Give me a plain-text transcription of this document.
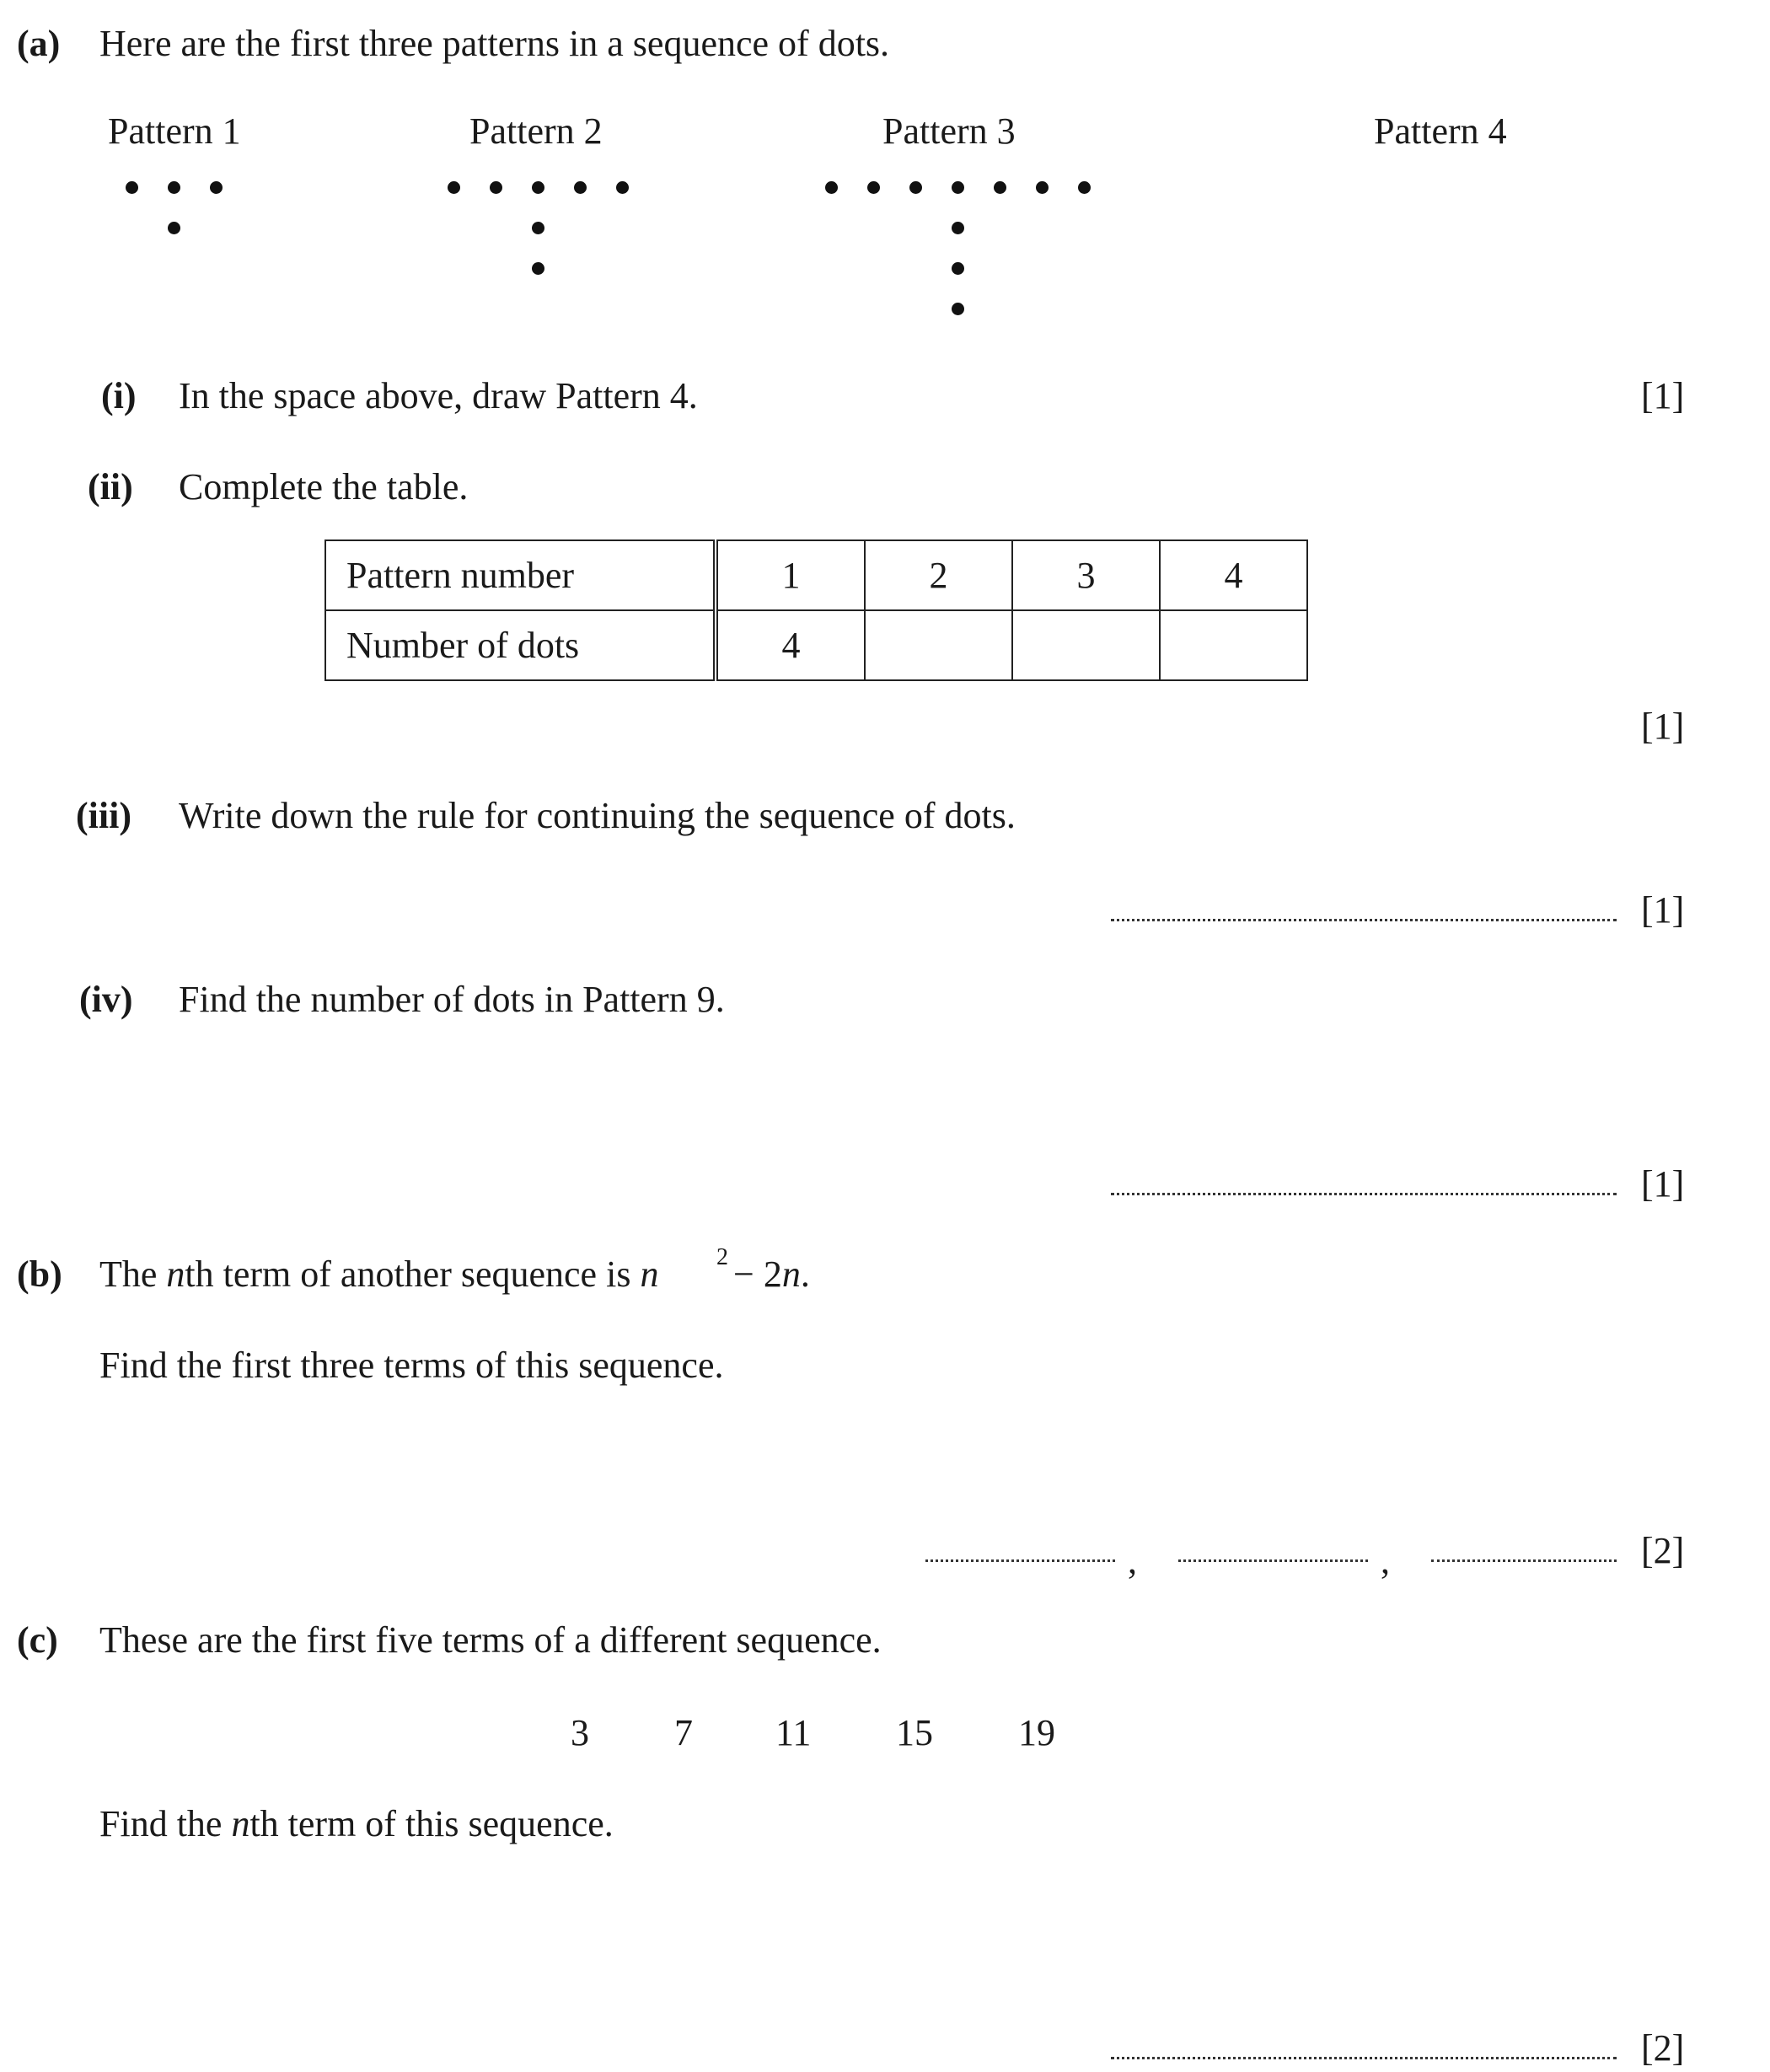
(a) Here are the first three patterns in a sequence of dots.
Pattern 1	Pattern 2	Pattern 3	Pattern 4
(i) In the space above, draw Pattern 4.	[1]
(ii) Complete the table.
Pattern number	1	2	3	4
Number of dots	4			
[1]
(iii) Write down the rule for continuing the sequence of dots.
[1]
(iv) Find the number of dots in Pattern 9.
[1]
(b) The nth term of another sequence is n 2 − 2n.
Find the first three terms of this sequence.
,	,	[2]
(c) These are the first five terms of a different sequence.
3 7 11 15 19
Find the nth term of this sequence.
[2]
